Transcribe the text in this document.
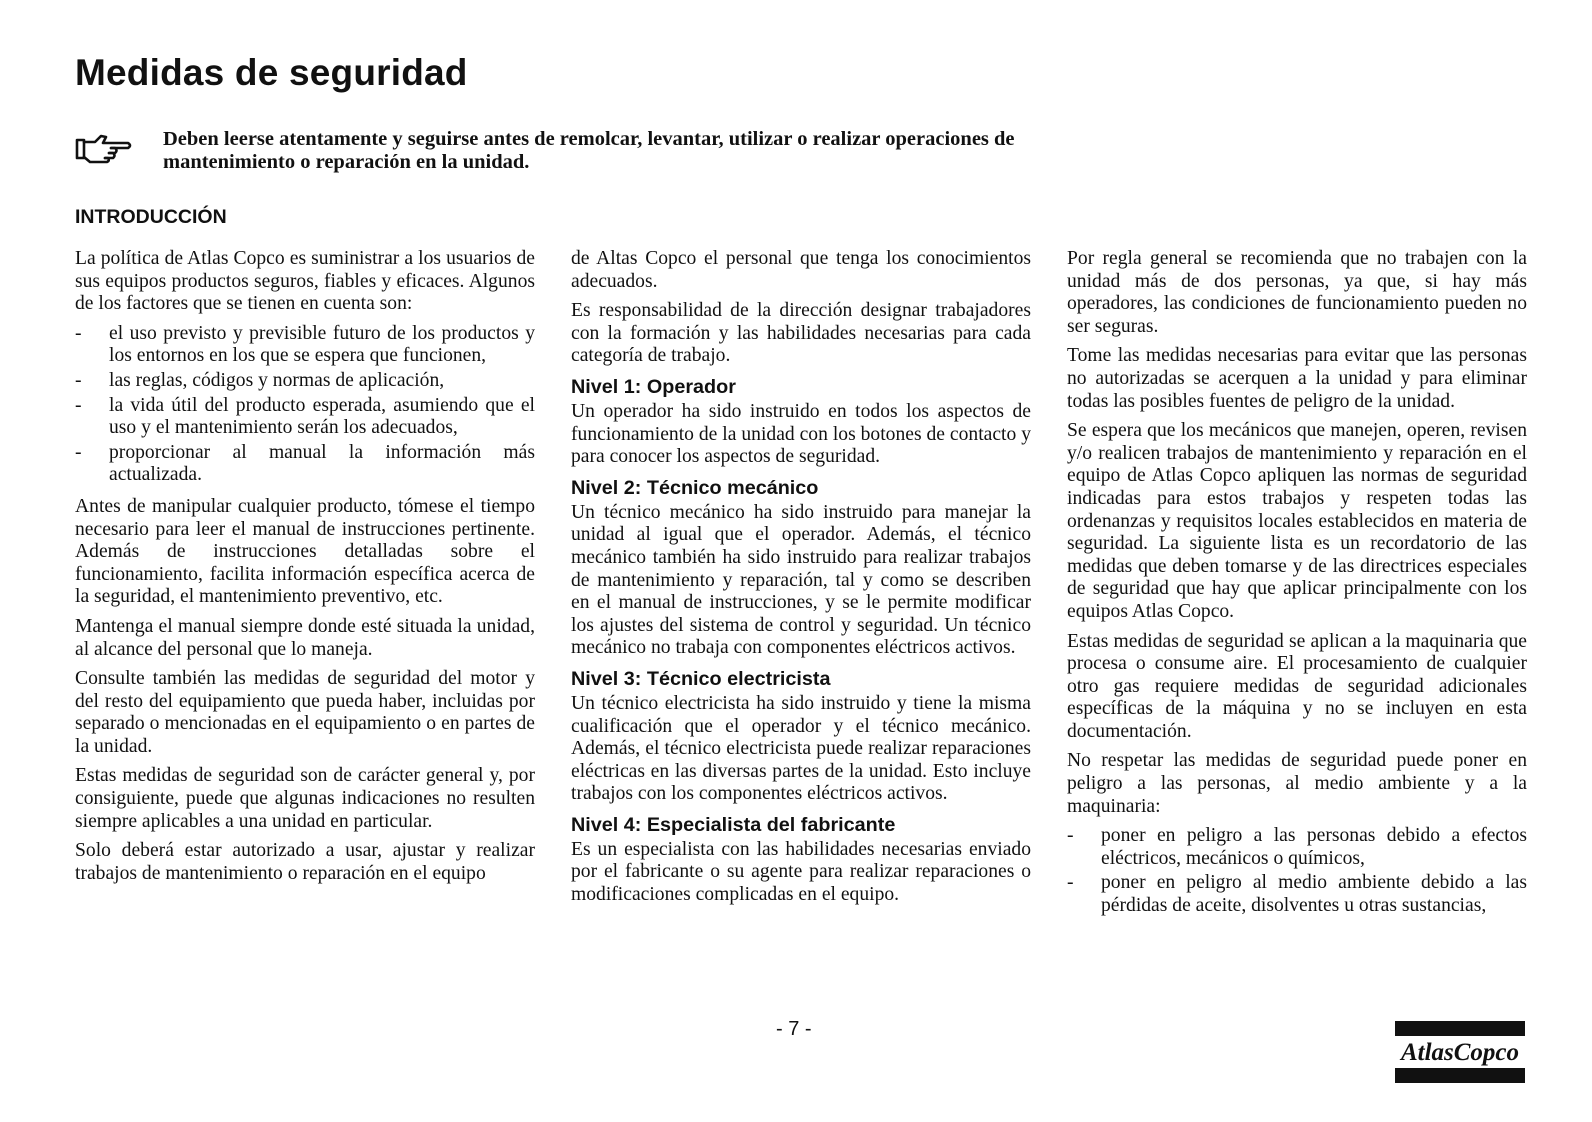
Medidas de seguridad

Deben leerse atentamente y seguirse antes de remolcar, levantar, utilizar o realizar operaciones de mantenimiento o reparación en la unidad.

INTRODUCCIÓN

La política de Atlas Copco es suministrar a los usuarios de sus equipos productos seguros, fiables y eficaces. Algunos de los factores que se tienen en cuenta son:

- el uso previsto y previsible futuro de los productos y los entornos en los que se espera que funcionen,
- las reglas, códigos y normas de aplicación,
- la vida útil del producto esperada, asumiendo que el uso y el mantenimiento serán los adecuados,
- proporcionar al manual la información más actualizada.

Antes de manipular cualquier producto, tómese el tiempo necesario para leer el manual de instrucciones pertinente. Además de instrucciones detalladas sobre el funcionamiento, facilita información específica acerca de la seguridad, el mantenimiento preventivo, etc.

Mantenga el manual siempre donde esté situada la unidad, al alcance del personal que lo maneja.

Consulte también las medidas de seguridad del motor y del resto del equipamiento que pueda haber, incluidas por separado o mencionadas en el equipamiento o en partes de la unidad.

Estas medidas de seguridad son de carácter general y, por consiguiente, puede que algunas indicaciones no resulten siempre aplicables a una unidad en particular.

Solo deberá estar autorizado a usar, ajustar y realizar trabajos de mantenimiento o reparación en el equipo

de Altas Copco el personal que tenga los conocimientos adecuados.

Es responsabilidad de la dirección designar trabajadores con la formación y las habilidades necesarias para cada categoría de trabajo.

Nivel 1: Operador

Un operador ha sido instruido en todos los aspectos de funcionamiento de la unidad con los botones de contacto y para conocer los aspectos de seguridad.

Nivel 2: Técnico mecánico

Un técnico mecánico ha sido instruido para manejar la unidad al igual que el operador. Además, el técnico mecánico también ha sido instruido para realizar trabajos de mantenimiento y reparación, tal y como se describen en el manual de instrucciones, y se le permite modificar los ajustes del sistema de control y seguridad. Un técnico mecánico no trabaja con componentes eléctricos activos.

Nivel 3: Técnico electricista

Un técnico electricista ha sido instruido y tiene la misma cualificación que el operador y el técnico mecánico. Además, el técnico electricista puede realizar reparaciones eléctricas en las diversas partes de la unidad. Esto incluye trabajos con los componentes eléctricos activos.

Nivel 4: Especialista del fabricante

Es un especialista con las habilidades necesarias enviado por el fabricante o su agente para realizar reparaciones o modificaciones complicadas en el equipo.

Por regla general se recomienda que no trabajen con la unidad más de dos personas, ya que, si hay más operadores, las condiciones de funcionamiento pueden no ser seguras.

Tome las medidas necesarias para evitar que las personas no autorizadas se acerquen a la unidad y para eliminar todas las posibles fuentes de peligro de la unidad.

Se espera que los mecánicos que manejen, operen, revisen y/o realicen trabajos de mantenimiento y reparación en el equipo de Atlas Copco apliquen las normas de seguridad indicadas para estos trabajos y respeten todas las ordenanzas y requisitos locales establecidos en materia de seguridad. La siguiente lista es un recordatorio de las medidas que deben tomarse y de las directrices especiales de seguridad que hay que aplicar principalmente con los equipos Atlas Copco.

Estas medidas de seguridad se aplican a la maquinaria que procesa o consume aire. El procesamiento de cualquier otro gas requiere medidas de seguridad adicionales específicas de la máquina y no se incluyen en esta documentación.

No respetar las medidas de seguridad puede poner en peligro a las personas, al medio ambiente y a la maquinaria:

- poner en peligro a las personas debido a efectos eléctricos, mecánicos o químicos,
- poner en peligro al medio ambiente debido a las pérdidas de aceite, disolventes u otras sustancias,
- 7 -
AtlasCopco
